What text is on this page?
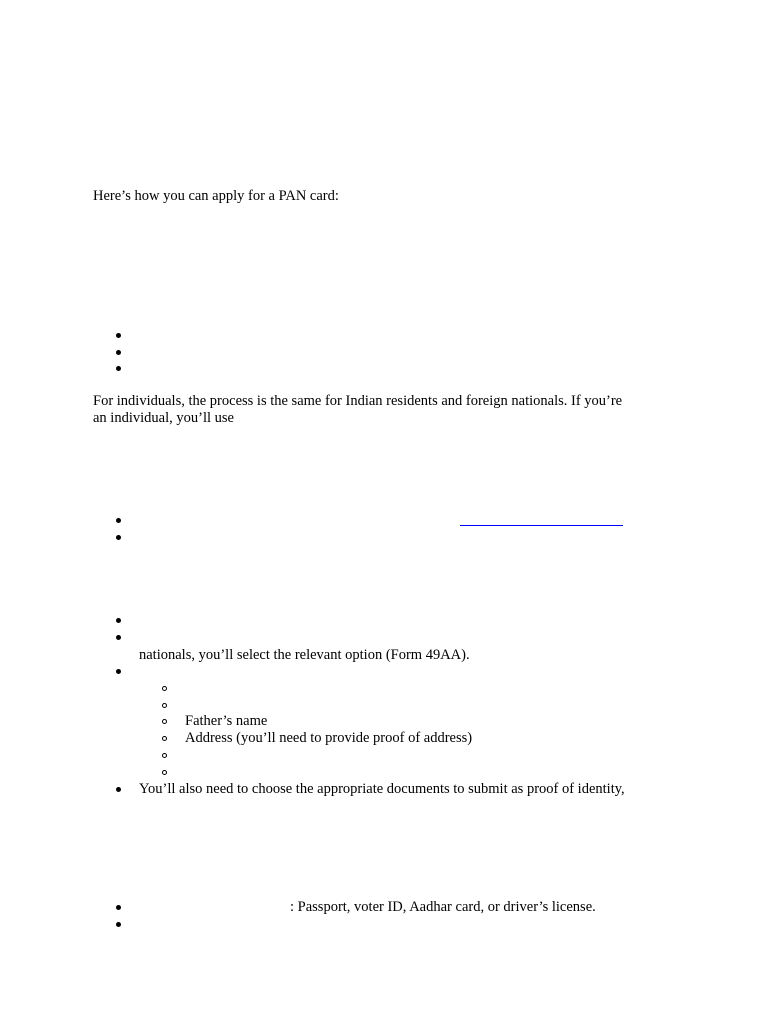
Here’s how you can apply for a PAN card:
For individuals, the process is the same for Indian residents and foreign nationals. If you’re
an individual, you’ll use
nationals, you’ll select the relevant option (Form 49AA).
Father’s name
Address (you’ll need to provide proof of address)
You’ll also need to choose the appropriate documents to submit as proof of identity,
: Passport, voter ID, Aadhar card, or driver’s license.
